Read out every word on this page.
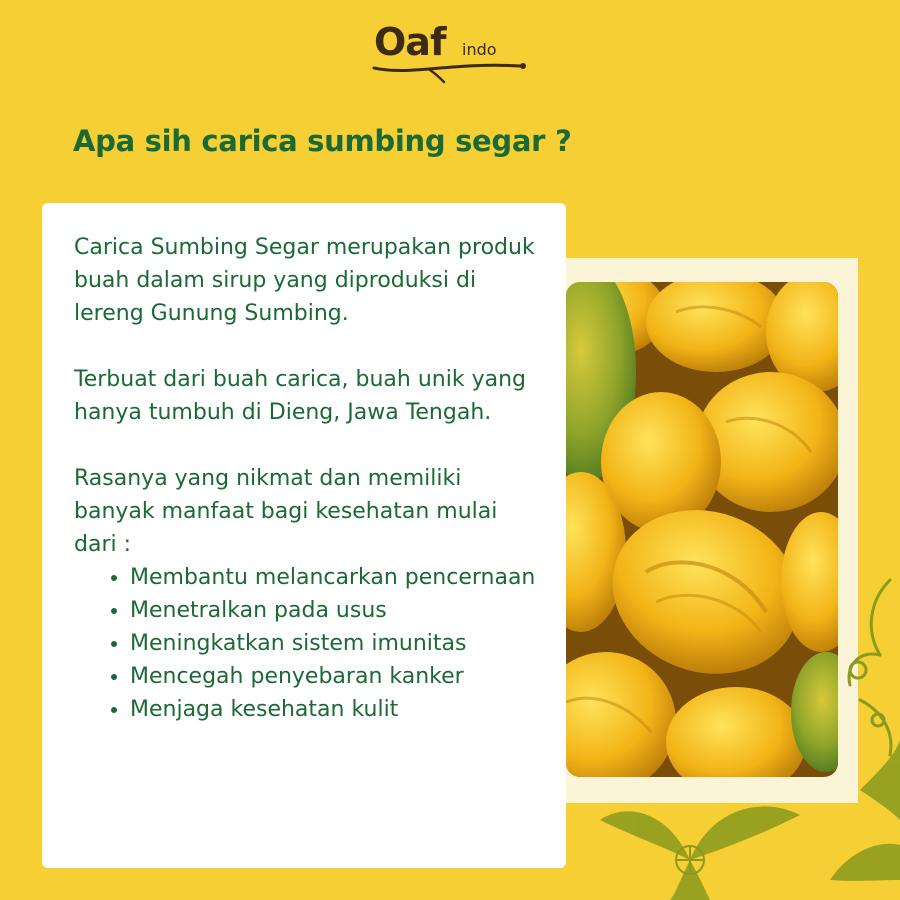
Oaf indo
Apa sih carica sumbing segar ?

Carica Sumbing Segar merupakan produk buah dalam sirup yang diproduksi di lereng Gunung Sumbing.

Terbuat dari buah carica, buah unik yang hanya tumbuh di Dieng, Jawa Tengah.

Rasanya yang nikmat dan memiliki banyak manfaat bagi kesehatan mulai dari :

• Membantu melancarkan pencernaan
• Menetralkan pada usus
• Meningkatkan sistem imunitas
• Mencegah penyebaran kanker
• Menjaga kesehatan kulit
